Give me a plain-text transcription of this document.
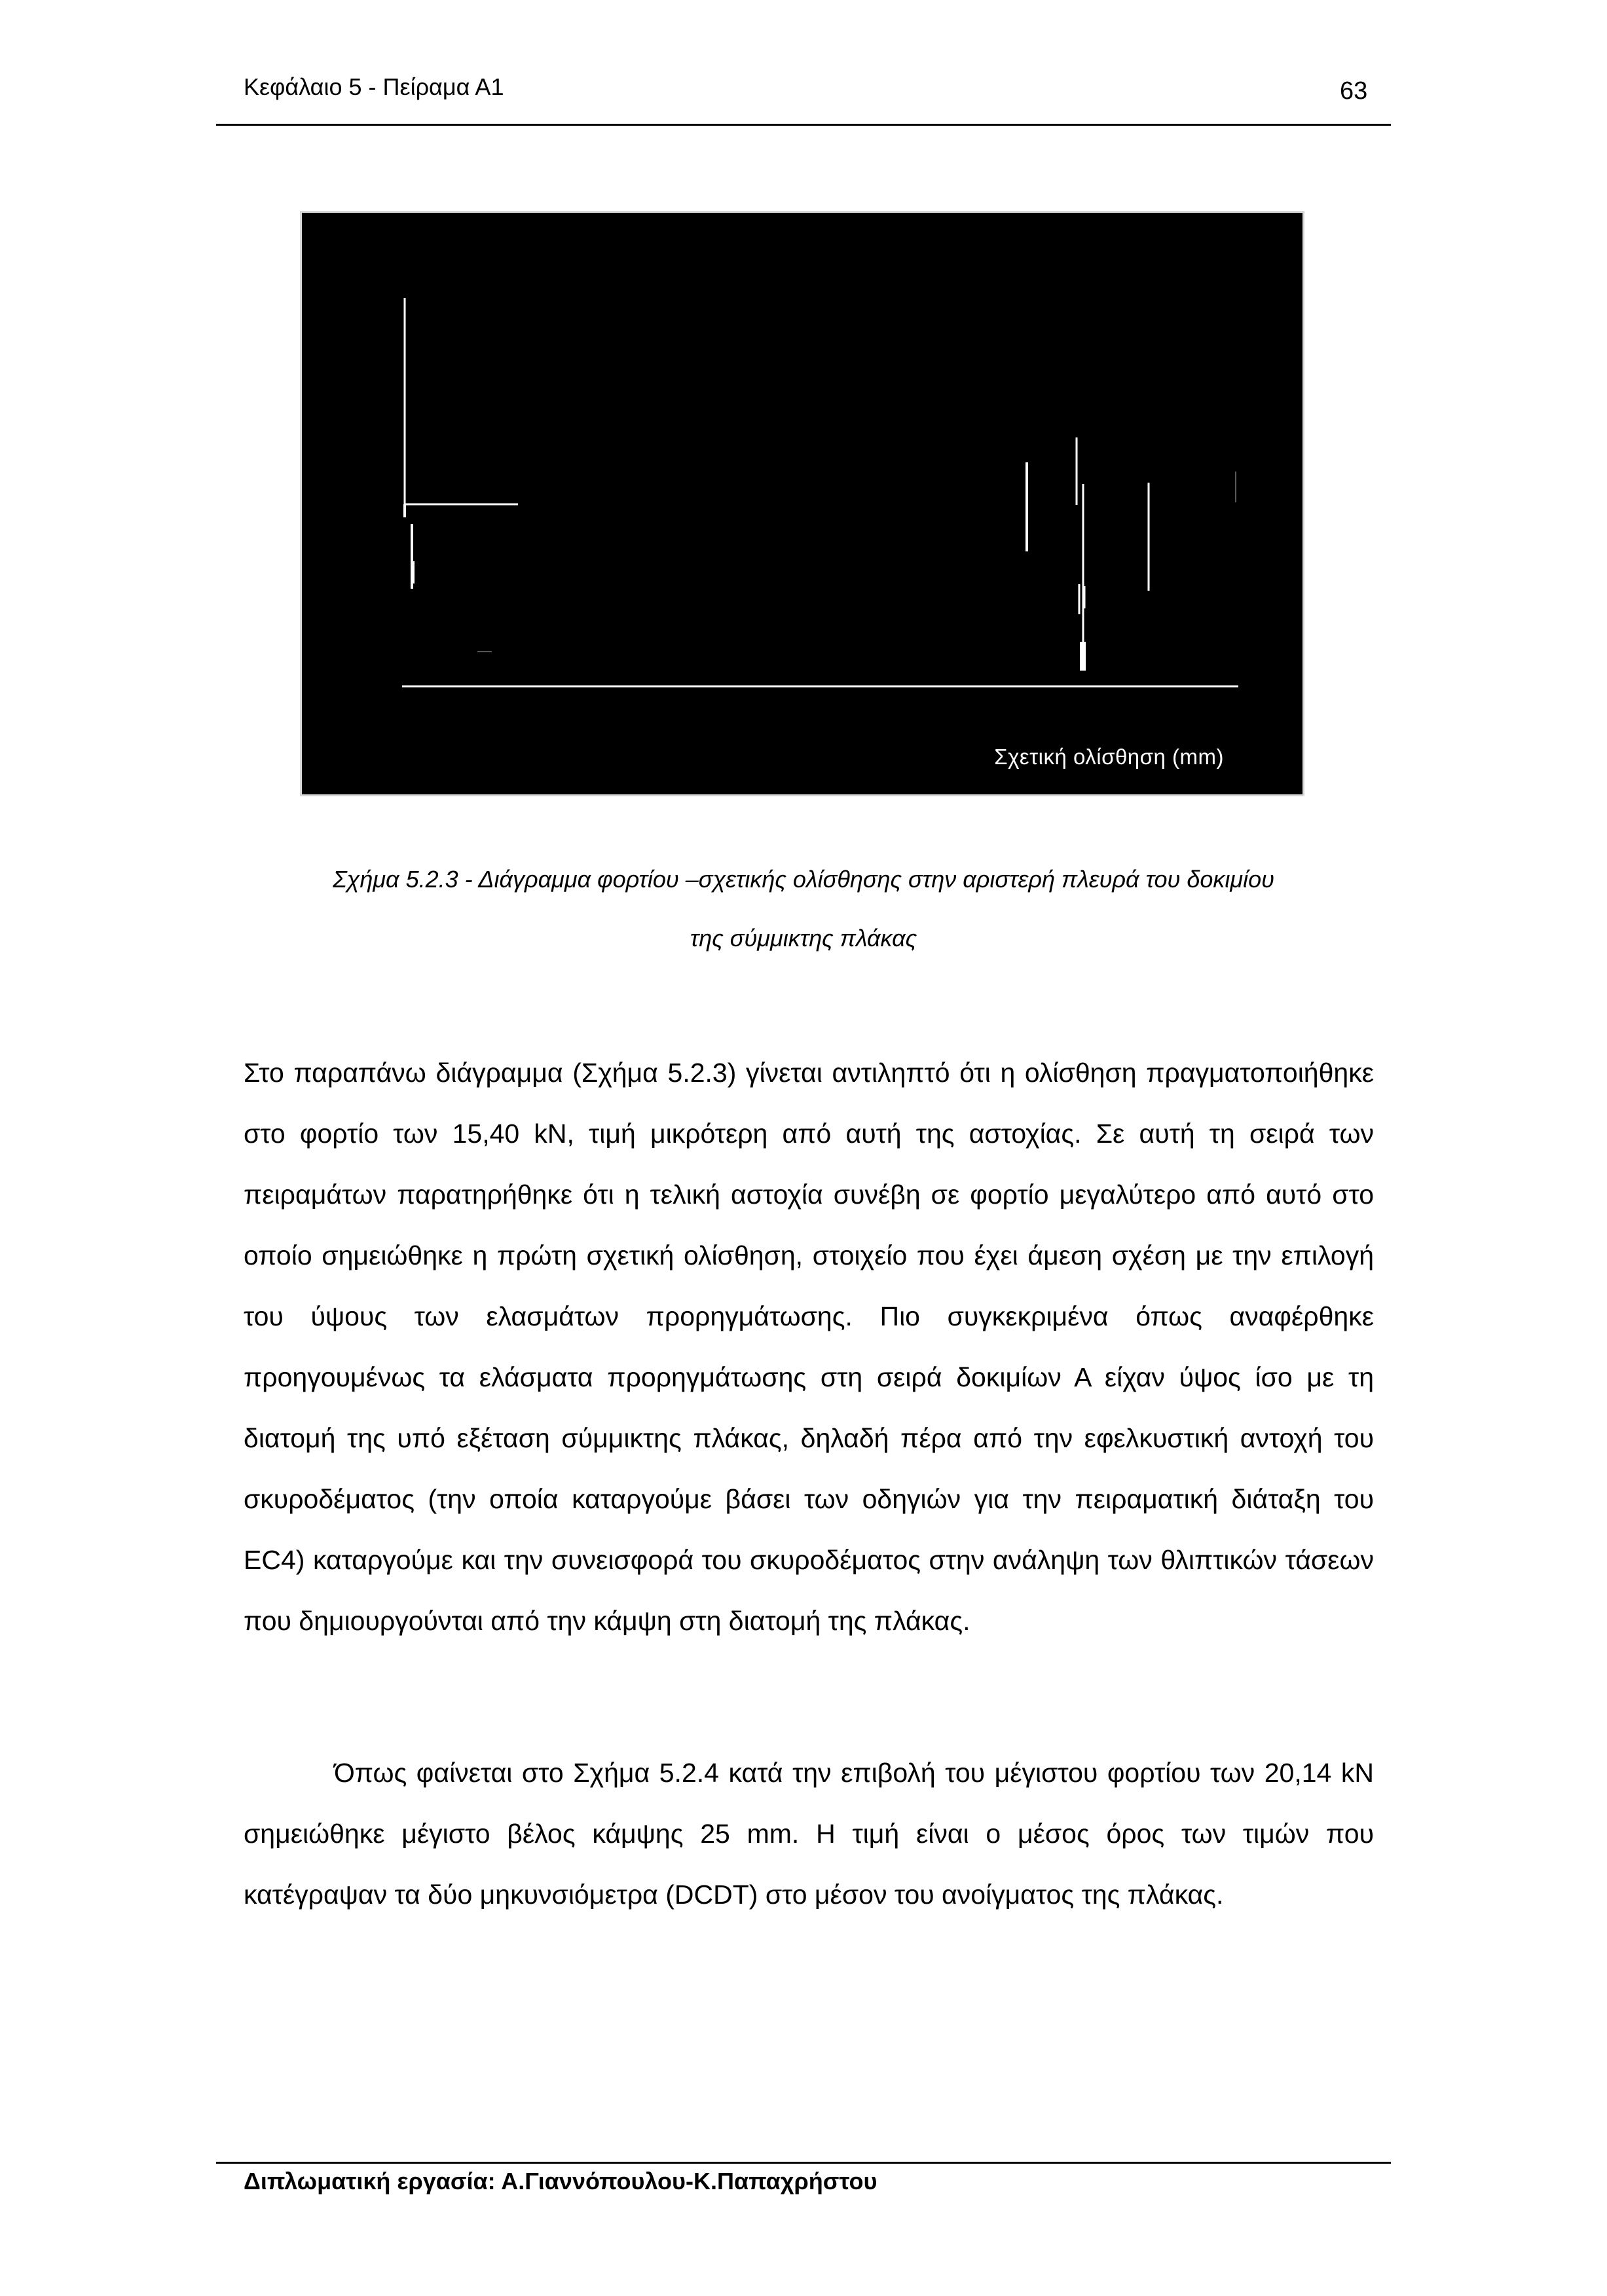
Κεφάλαιο 5 - Πείραμα Α1	63
Σχετική ολίσθηση (mm)
Σχήμα 5.2.3 - Διάγραμμα φορτίου –σχετικής ολίσθησης στην αριστερή πλευρά του δοκιμίου
της σύμμικτης πλάκας
Στο παραπάνω διάγραμμα (Σχήμα 5.2.3) γίνεται αντιληπτό ότι η ολίσθηση πραγματοποιήθηκε στο φορτίο των 15,40 kN, τιμή μικρότερη από αυτή της αστοχίας. Σε αυτή τη σειρά των πειραμάτων παρατηρήθηκε ότι η τελική αστοχία συνέβη σε φορτίο μεγαλύτερο από αυτό στο οποίο σημειώθηκε η πρώτη σχετική ολίσθηση, στοιχείο που έχει άμεση σχέση με την επιλογή του ύψους των ελασμάτων προρηγμάτωσης. Πιο συγκεκριμένα όπως αναφέρθηκε προηγουμένως τα ελάσματα προρηγμάτωσης στη σειρά δοκιμίων Α είχαν ύψος ίσο με τη διατομή της υπό εξέταση σύμμικτης πλάκας, δηλαδή πέρα από την εφελκυστική αντοχή του σκυροδέματος (την οποία καταργούμε βάσει των οδηγιών για την πειραματική διάταξη του ΕC4) καταργούμε και την συνεισφορά του σκυροδέματος στην ανάληψη των θλιπτικών τάσεων που δημιουργούνται από την κάμψη στη διατομή της πλάκας.
Όπως φαίνεται στο Σχήμα 5.2.4 κατά την επιβολή του μέγιστου φορτίου των 20,14 kN σημειώθηκε μέγιστο βέλος κάμψης 25 mm. Η τιμή είναι ο μέσος όρος των τιμών που κατέγραψαν τα δύο μηκυνσιόμετρα (DCDT) στο μέσον του ανοίγματος της πλάκας.
Διπλωματική εργασία: Α.Γιαννόπουλου-Κ.Παπαχρήστου
